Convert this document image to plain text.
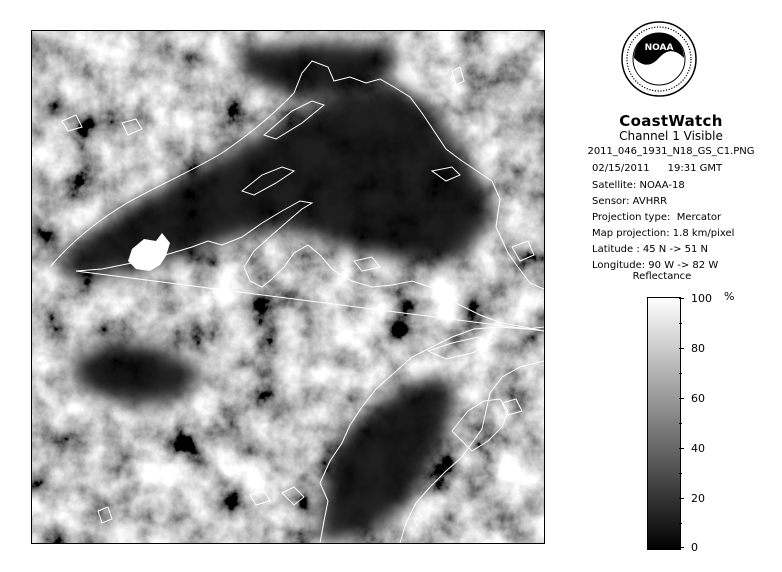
NOAA
CoastWatch
Channel 1 Visible
2011_046_1931_N18_GS_C1.PNG
02/15/2011 19:31 GMT
Satellite: NOAA-18
Sensor: AVHRR
Projection type: Mercator
Map projection: 1.8 km/pixel
Latitude : 45 N -> 51 N
Longitude: 90 W -> 82 W
Reflectance
%
100
80
60
40
20
0
